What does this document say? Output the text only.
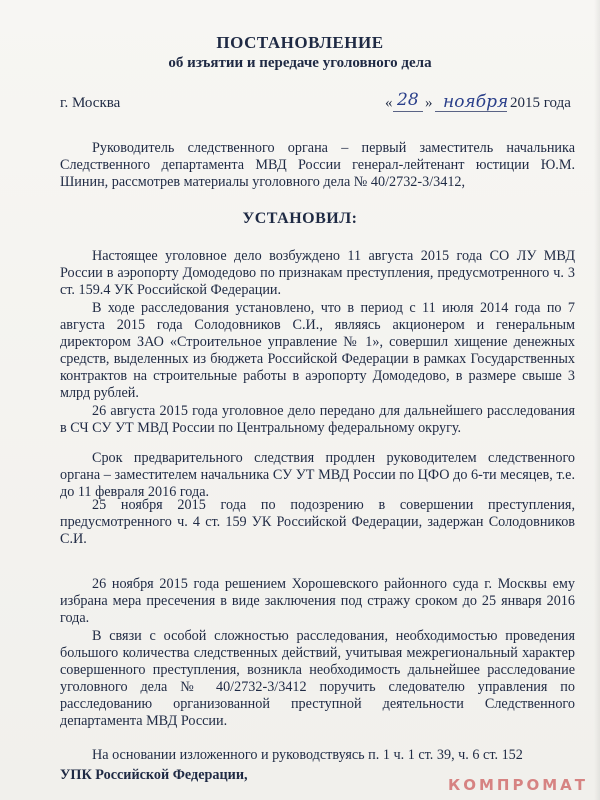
ПОСТАНОВЛЕНИЕ
об изъятии и передаче уголовного дела
г. Москва	« 28 » ноября 2015 года
Руководитель следственного органа – первый заместитель начальника Следственного департамента МВД России генерал-лейтенант юстиции Ю.М. Шинин, рассмотрев материалы уголовного дела № 40/2732-3/3412,
УСТАНОВИЛ:
Настоящее уголовное дело возбуждено 11 августа 2015 года СО ЛУ МВД России в аэропорту Домодедово по признакам преступления, предусмотренного ч. 3 ст. 159.4 УК Российской Федерации.
В ходе расследования установлено, что в период с 11 июля 2014 года по 7 августа 2015 года Солодовников С.И., являясь акционером и генеральным директором ЗАО «Строительное управление № 1», совершил хищение денежных средств, выделенных из бюджета Российской Федерации в рамках Государственных контрактов на строительные работы в аэропорту Домодедово, в размере свыше 3 млрд рублей.
26 августа 2015 года уголовное дело передано для дальнейшего расследования в СЧ СУ УТ МВД России по Центральному федеральному округу.
Срок предварительного следствия продлен руководителем следственного органа – заместителем начальника СУ УТ МВД России по ЦФО до 6-ти месяцев, т.е. до 11 февраля 2016 года.
25 ноября 2015 года по подозрению в совершении преступления, предусмотренного ч. 4 ст. 159 УК Российской Федерации, задержан Солодовников С.И.
26 ноября 2015 года решением Хорошевского районного суда г. Москвы ему избрана мера пресечения в виде заключения под стражу сроком до 25 января 2016 года.
В связи с особой сложностью расследования, необходимостью проведения большого количества следственных действий, учитывая межрегиональный характер совершенного преступления, возникла необходимость дальнейшее расследование уголовного дела № 40/2732-3/3412 поручить следователю управления по расследованию организованной преступной деятельности Следственного департамента МВД России.
На основании изложенного и руководствуясь п. 1 ч. 1 ст. 39, ч. 6 ст. 152
УПК Российской Федерации,
КОМПРОМАТ
